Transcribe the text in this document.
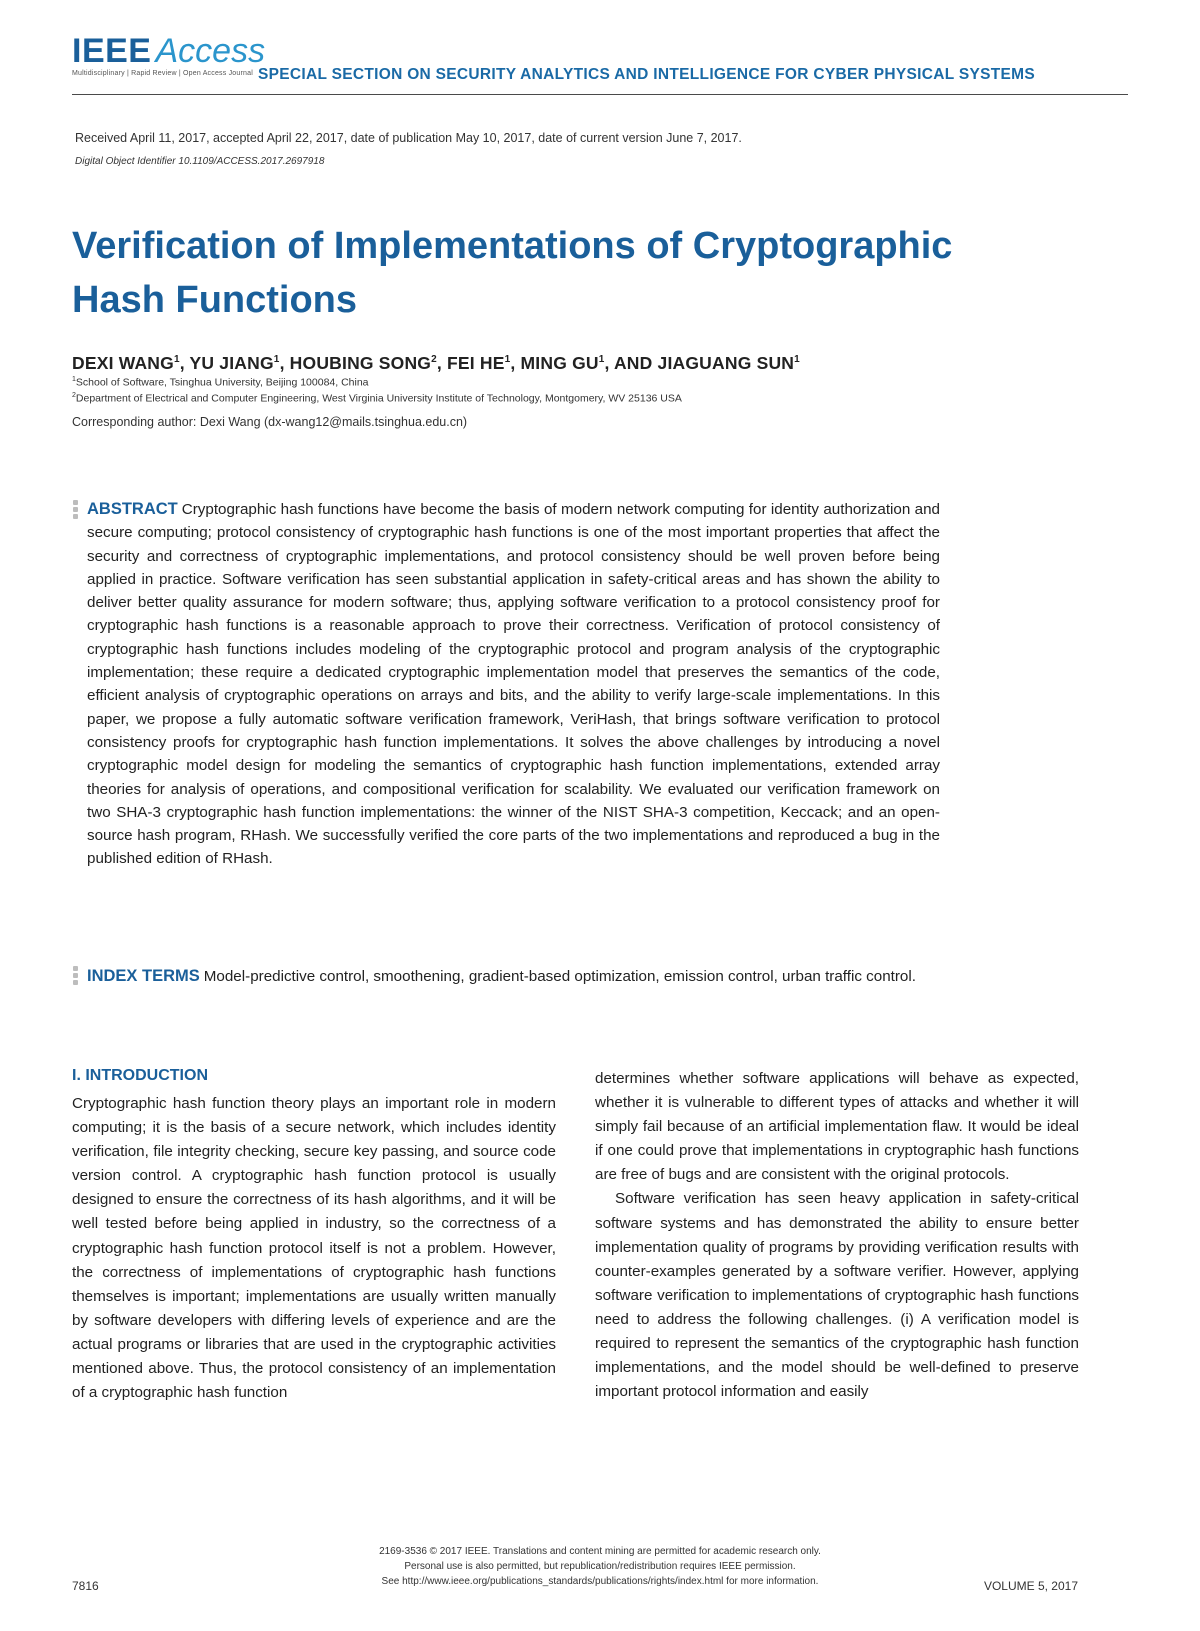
IEEE Access
Multidisciplinary | Rapid Review | Open Access Journal SPECIAL SECTION ON SECURITY ANALYTICS AND INTELLIGENCE FOR CYBER PHYSICAL SYSTEMS
Received April 11, 2017, accepted April 22, 2017, date of publication May 10, 2017, date of current version June 7, 2017.
Digital Object Identifier 10.1109/ACCESS.2017.2697918
Verification of Implementations of Cryptographic Hash Functions
DEXI WANG$^1$, YU JIANG$^1$, HOUBING SONG$^2$, FEI $HE^1$, MING $GU^1$, AND JIAGUANG SUN$^1$
$^1$School of Software, Tsinghua University, Beijing 100084, China
$^2$Department of Electrical and Computer Engineering, West Virginia University Institute of Technology, Montgomery, WV 25136 USA
Corresponding author: Dexi Wang (dx-wang12@mails.tsinghua.edu.cn)
ABSTRACT Cryptographic hash functions have become the basis of modern network computing for identity authorization and secure computing; protocol consistency of cryptographic hash functions is one of the most important properties that affect the security and correctness of cryptographic implementations, and protocol consistency should be well proven before being applied in practice. Software verification has seen substantial application in safety-critical areas and has shown the ability to deliver better quality assurance for modern software; thus, applying software verification to a protocol consistency proof for cryptographic hash functions is a reasonable approach to prove their correctness. Verification of protocol consistency of cryptographic hash functions includes modeling of the cryptographic protocol and program analysis of the cryptographic implementation; these require a dedicated cryptographic implementation model that preserves the semantics of the code, efficient analysis of cryptographic operations on arrays and bits, and the ability to verify large-scale implementations. In this paper, we propose a fully automatic software verification framework, VeriHash, that brings software verification to protocol consistency proofs for cryptographic hash function implementations. It solves the above challenges by introducing a novel cryptographic model design for modeling the semantics of cryptographic hash function implementations, extended array theories for analysis of operations, and compositional verification for scalability. We evaluated our verification framework on two SHA-3 cryptographic hash function implementations: the winner of the NIST SHA-3 competition, Keccack; and an open-source hash program, RHash. We successfully verified the core parts of the two implementations and reproduced a bug in the published edition of RHash.
INDEX TERMS Model-predictive control, smoothening, gradient-based optimization, emission control, urban traffic control.
I. INTRODUCTION

Cryptographic hash function theory plays an important role in modern computing; it is the basis of a secure network, which includes identity verification, file integrity checking, secure key passing, and source code version control. A cryptographic hash function protocol is usually designed to ensure the correctness of its hash algorithms, and it will be well tested before being applied in industry, so the correctness of a cryptographic hash function protocol itself is not a problem. However, the correctness of implementations of cryptographic hash functions themselves is important; implementations are usually written manually by software developers with differing levels of experience and are the actual programs or libraries that are used in the cryptographic activities mentioned above. Thus, the protocol consistency of an implementation of a cryptographic hash function

determines whether software applications will behave as expected, whether it is vulnerable to different types of attacks and whether it will simply fail because of an artificial implementation flaw. It would be ideal if one could prove that implementations in cryptographic hash functions are free of bugs and are consistent with the original protocols.

Software verification has seen heavy application in safety-critical software systems and has demonstrated the ability to ensure better implementation quality of programs by providing verification results with counter-examples generated by a software verifier. However, applying software verification to implementations of cryptographic hash functions need to address the following challenges. (i) A verification model is required to represent the semantics of the cryptographic hash function implementations, and the model should be well-defined to preserve important protocol information and easily

7816
2169-3536 © 2017 IEEE. Translations and content mining are permitted for academic research only.
Personal use is also permitted, but republication/redistribution requires IEEE permission.
See http://www.ieee.org/publications_standards/publications/rights/index.html for more information.	VOLUME 5, 2017
